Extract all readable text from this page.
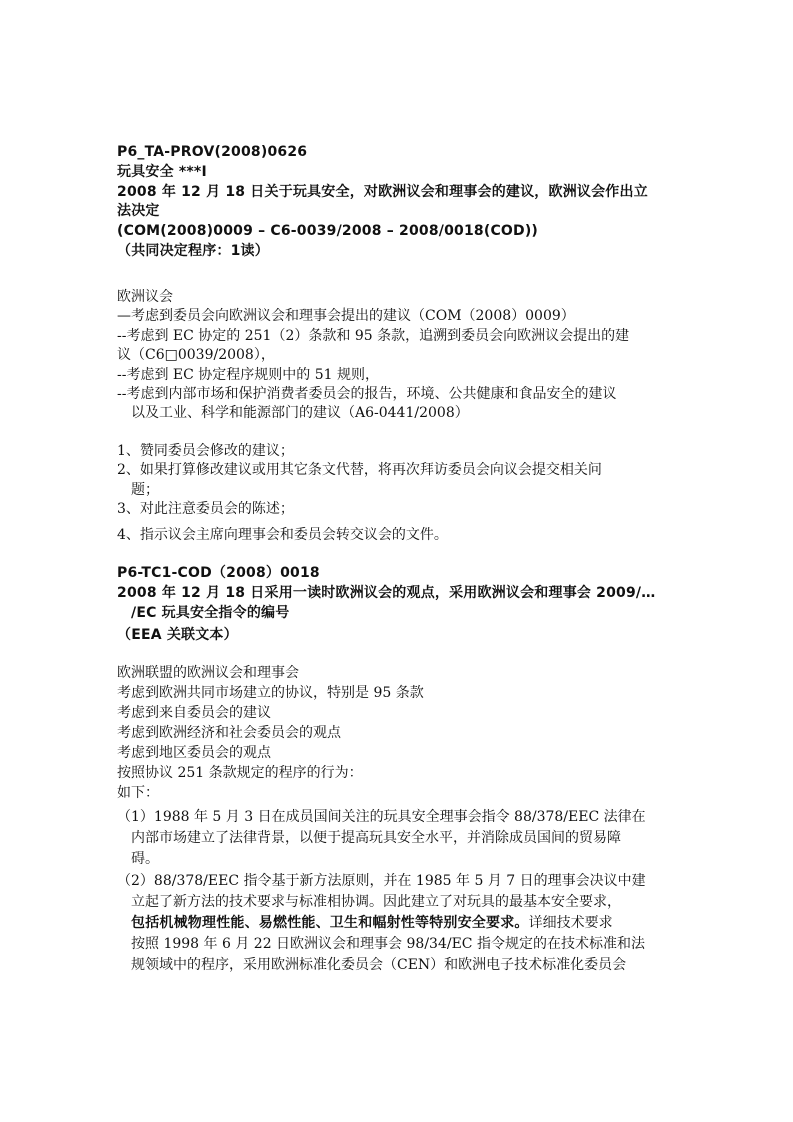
P6_TA-PROV(2008)0626
玩具安全 ***I
2008 年 12 月 18 日关于玩具安全，对欧洲议会和理事会的建议，欧洲议会作出立
法决定
(COM(2008)0009 – C6-0039/2008 – 2008/0018(COD))
（共同决定程序：1读）
欧洲议会
—考虑到委员会向欧洲议会和理事会提出的建议（COM（2008）0009）
--考虑到 EC 协定的 251（2）条款和 95 条款，追溯到委员会向欧洲议会提出的建
议（C6□0039/2008），
--考虑到 EC 协定程序规则中的 51 规则，
--考虑到内部市场和保护消费者委员会的报告，环境、公共健康和食品安全的建议
以及工业、科学和能源部门的建议（A6-0441/2008）
1、赞同委员会修改的建议；
2、如果打算修改建议或用其它条文代替，将再次拜访委员会向议会提交相关问
题；
3、对此注意委员会的陈述；
4、指示议会主席向理事会和委员会转交议会的文件。
P6-TC1-COD（2008）0018
2008 年 12 月 18 日采用一读时欧洲议会的观点，采用欧洲议会和理事会 2009/…
/EC 玩具安全指令的编号
（EEA 关联文本）
欧洲联盟的欧洲议会和理事会
考虑到欧洲共同市场建立的协议，特别是 95 条款
考虑到来自委员会的建议
考虑到欧洲经济和社会委员会的观点
考虑到地区委员会的观点
按照协议 251 条款规定的程序的行为：
如下：
（1）1988 年 5 月 3 日在成员国间关注的玩具安全理事会指令 88/378/EEC 法律在
内部市场建立了法律背景，以便于提高玩具安全水平，并消除成员国间的贸易障
碍。
（2）88/378/EEC 指令基于新方法原则，并在 1985 年 5 月 7 日的理事会决议中建
立起了新方法的技术要求与标准相协调。因此建立了对玩具的最基本安全要求，
包括机械物理性能、易燃性能、卫生和幅射性等特别安全要求。详细技术要求
按照 1998 年 6 月 22 日欧洲议会和理事会 98/34/EC 指令规定的在技术标准和法
规领域中的程序，采用欧洲标准化委员会（CEN）和欧洲电子技术标准化委员会
